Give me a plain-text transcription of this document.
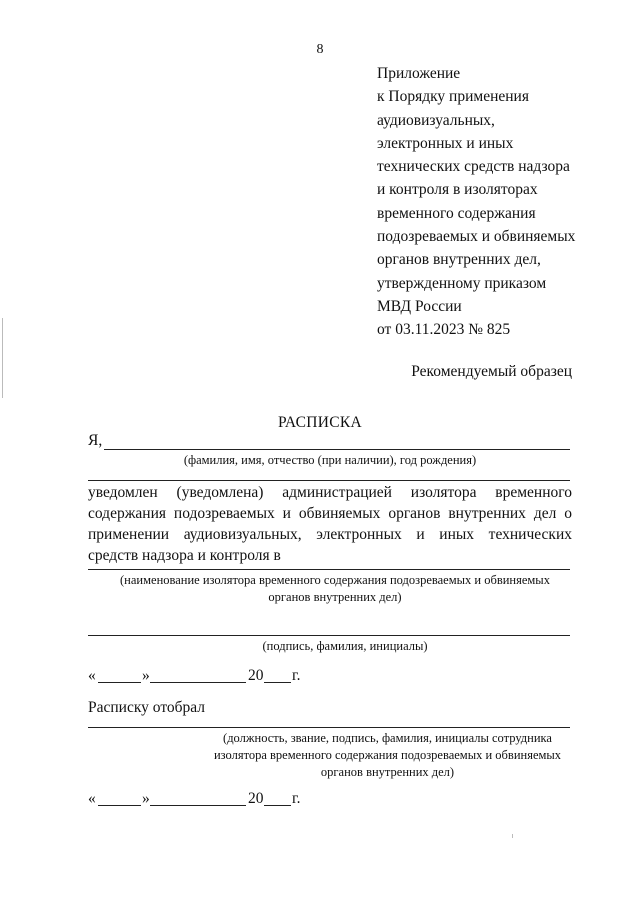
8
Приложение
к Порядку применения
аудиовизуальных,
электронных и иных
технических средств надзора
и контроля в изоляторах
временного содержания
подозреваемых и обвиняемых
органов внутренних дел,
утвержденному приказом
МВД России
от 03.11.2023 № 825
Рекомендуемый образец
РАСПИСКА
Я,
(фамилия, имя, отчество (при наличии), год рождения)
уведомлен (уведомлена) администрацией изолятора временного содержания подозреваемых и обвиняемых органов внутренних дел о применении аудиовизуальных, электронных и иных технических средств надзора и контроля в
(наименование изолятора временного содержания подозреваемых и обвиняемых органов внутренних дел)
(подпись, фамилия, инициалы)
«	»	20 г.
Расписку отобрал
(должность, звание, подпись, фамилия, инициалы сотрудника изолятора временного содержания подозреваемых и обвиняемых органов внутренних дел)
«	»	20 г.
